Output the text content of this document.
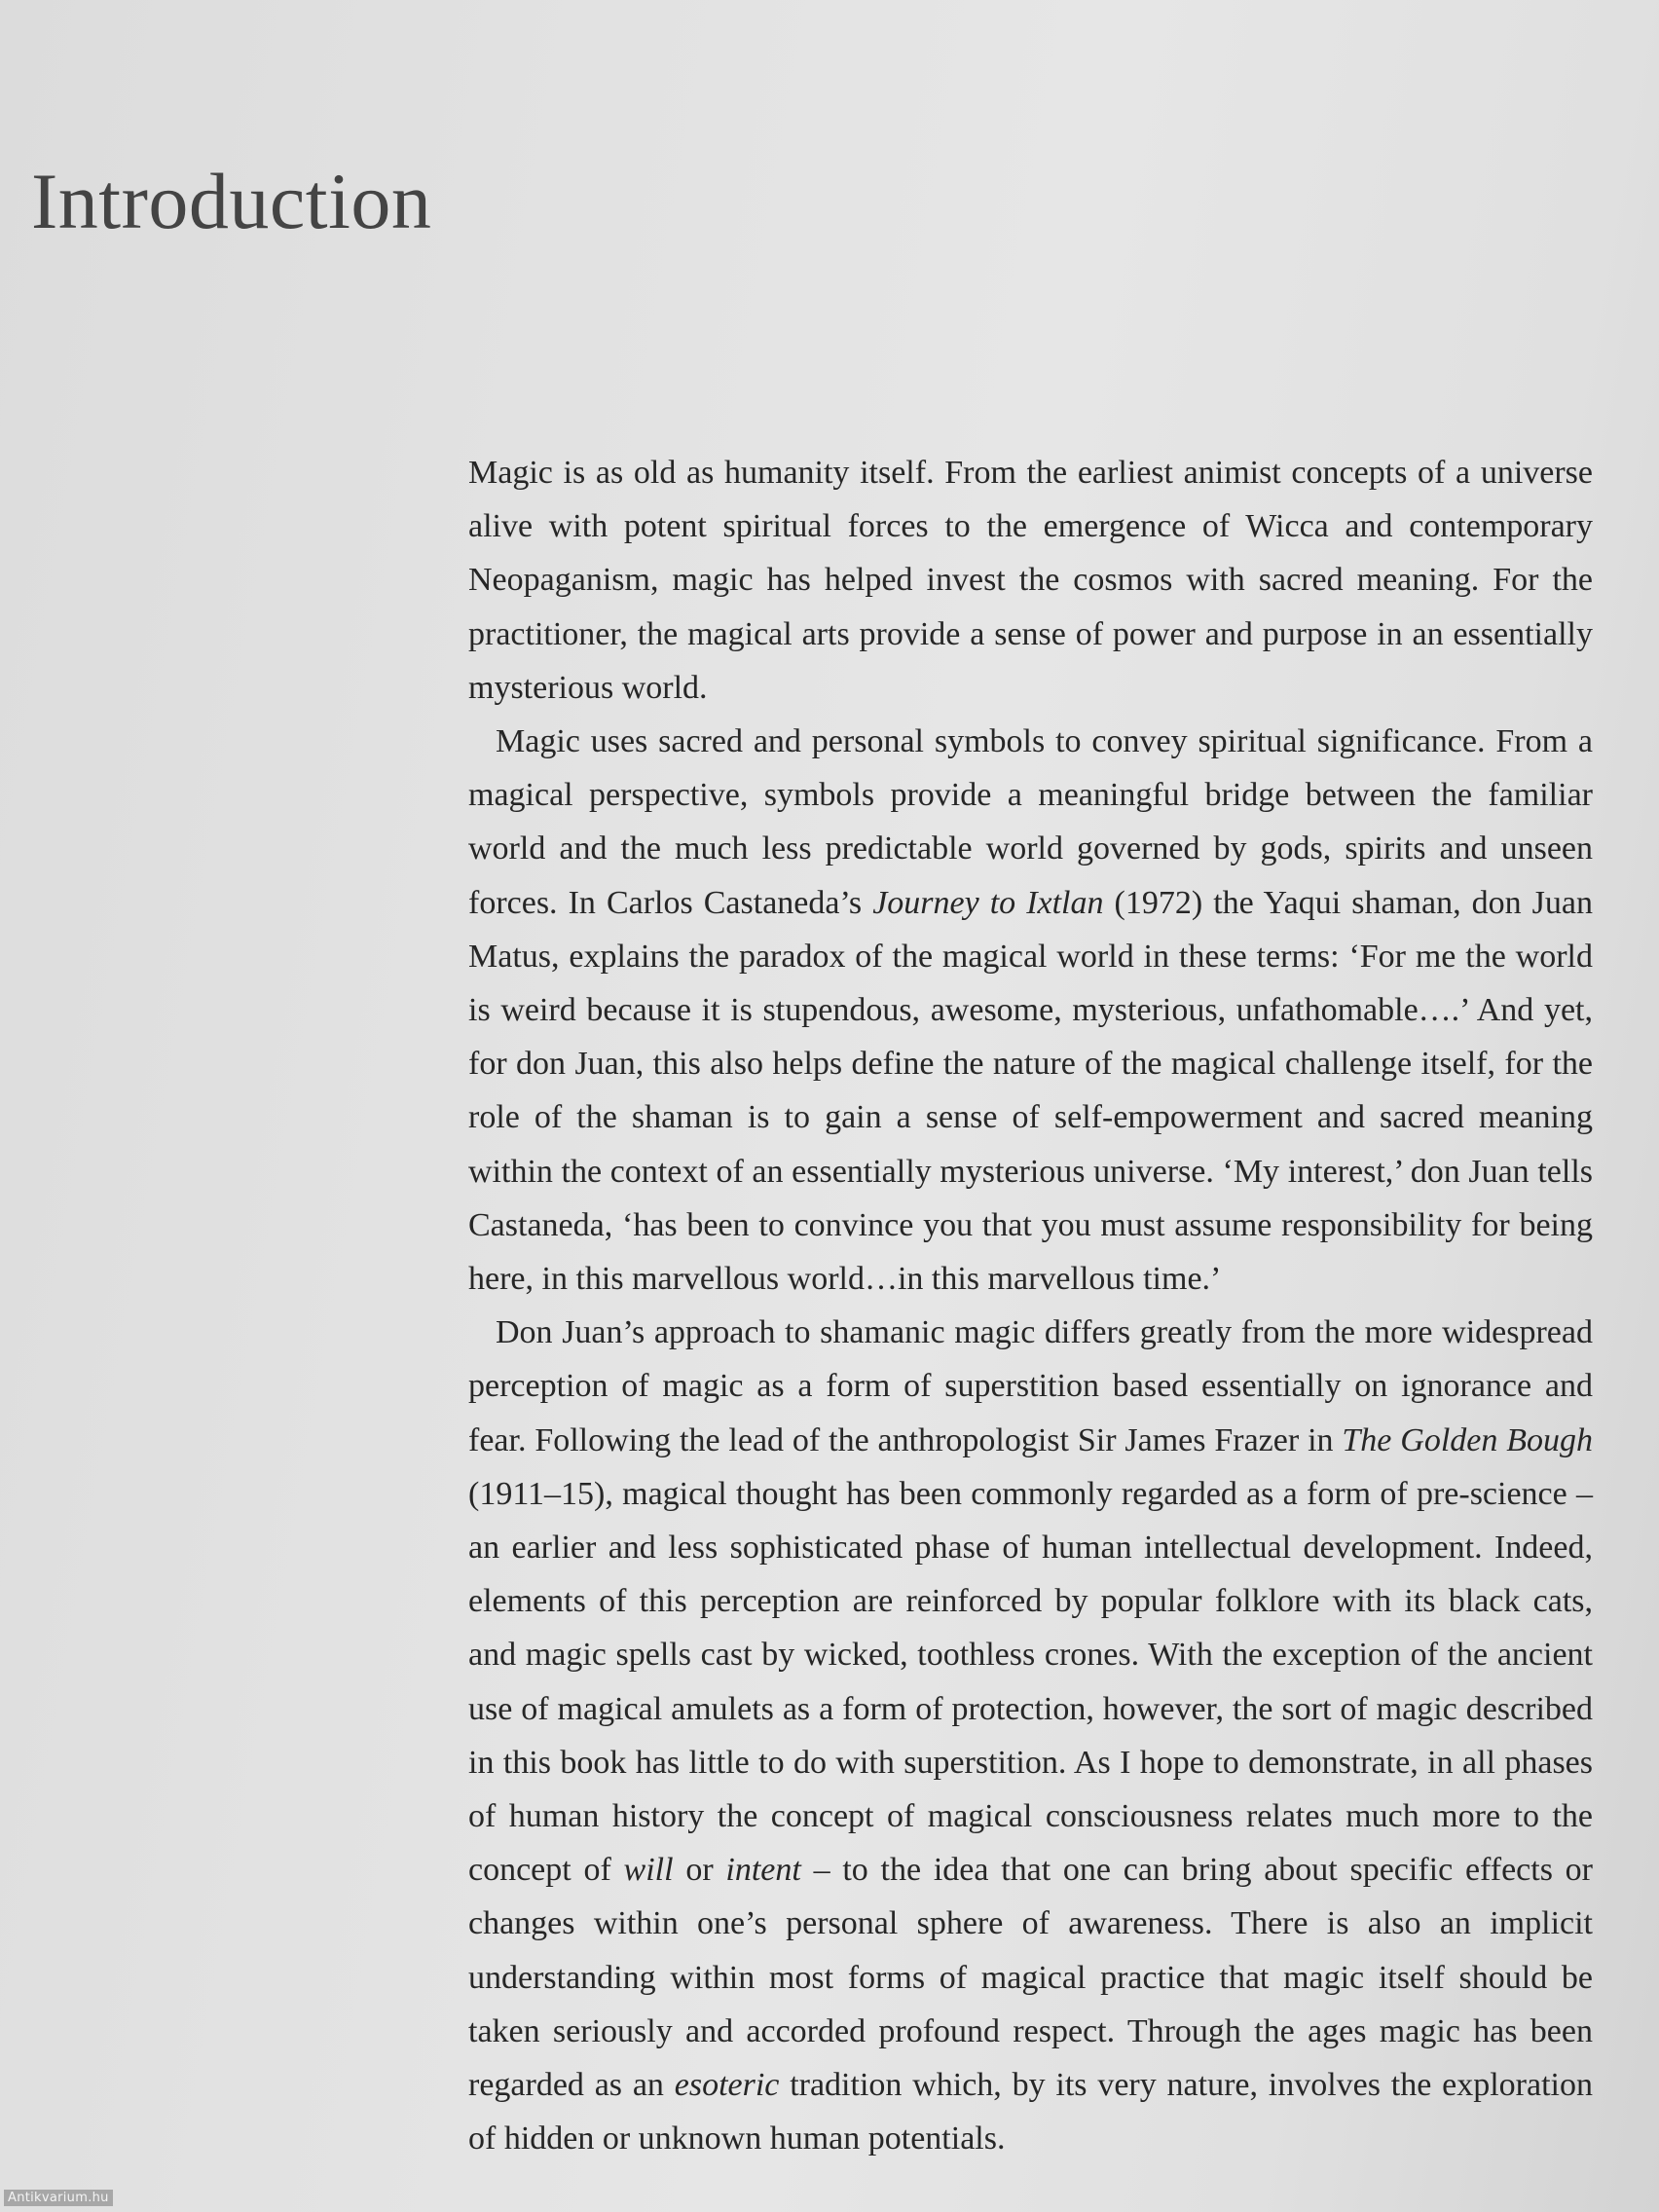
Introduction

Magic is as old as humanity itself. From the earliest animist concepts of a universe alive with potent spiritual forces to the emergence of Wicca and contemporary Neopaganism, magic has helped invest the cosmos with sacred meaning. For the practitioner, the magical arts provide a sense of power and purpose in an essentially mysterious world.

Magic uses sacred and personal symbols to convey spiritual significance. From a magical perspective, symbols provide a meaningful bridge between the familiar world and the much less predictable world governed by gods, spirits and unseen forces. In Carlos Castaneda’s Journey to Ixtlan (1972) the Yaqui shaman, don Juan Matus, explains the paradox of the magical world in these terms: ‘For me the world is weird because it is stupendous, awesome, mysterious, unfathomable….’ And yet, for don Juan, this also helps define the nature of the magical challenge itself, for the role of the shaman is to gain a sense of self-empowerment and sacred meaning within the context of an essentially mysterious universe. ‘My interest,’ don Juan tells Castaneda, ‘has been to convince you that you must assume responsibility for being here, in this marvellous world…in this marvellous time.’

Don Juan’s approach to shamanic magic differs greatly from the more widespread perception of magic as a form of superstition based essentially on ignorance and fear. Following the lead of the anthropologist Sir James Frazer in The Golden Bough (1911–15), magical thought has been commonly regarded as a form of pre-science – an earlier and less sophisticated phase of human intellectual development. Indeed, elements of this perception are reinforced by popular folklore with its black cats, and magic spells cast by wicked, toothless crones. With the exception of the ancient use of magical amulets as a form of protection, however, the sort of magic described in this book has little to do with superstition. As I hope to demonstrate, in all phases of human history the concept of magical consciousness relates much more to the concept of will or intent – to the idea that one can bring about specific effects or changes within one’s personal sphere of awareness. There is also an implicit understanding within most forms of magical practice that magic itself should be taken seriously and accorded profound respect. Through the ages magic has been regarded as an esoteric tradition which, by its very nature, involves the exploration of hidden or unknown human potentials.

Antikvarium.hu
